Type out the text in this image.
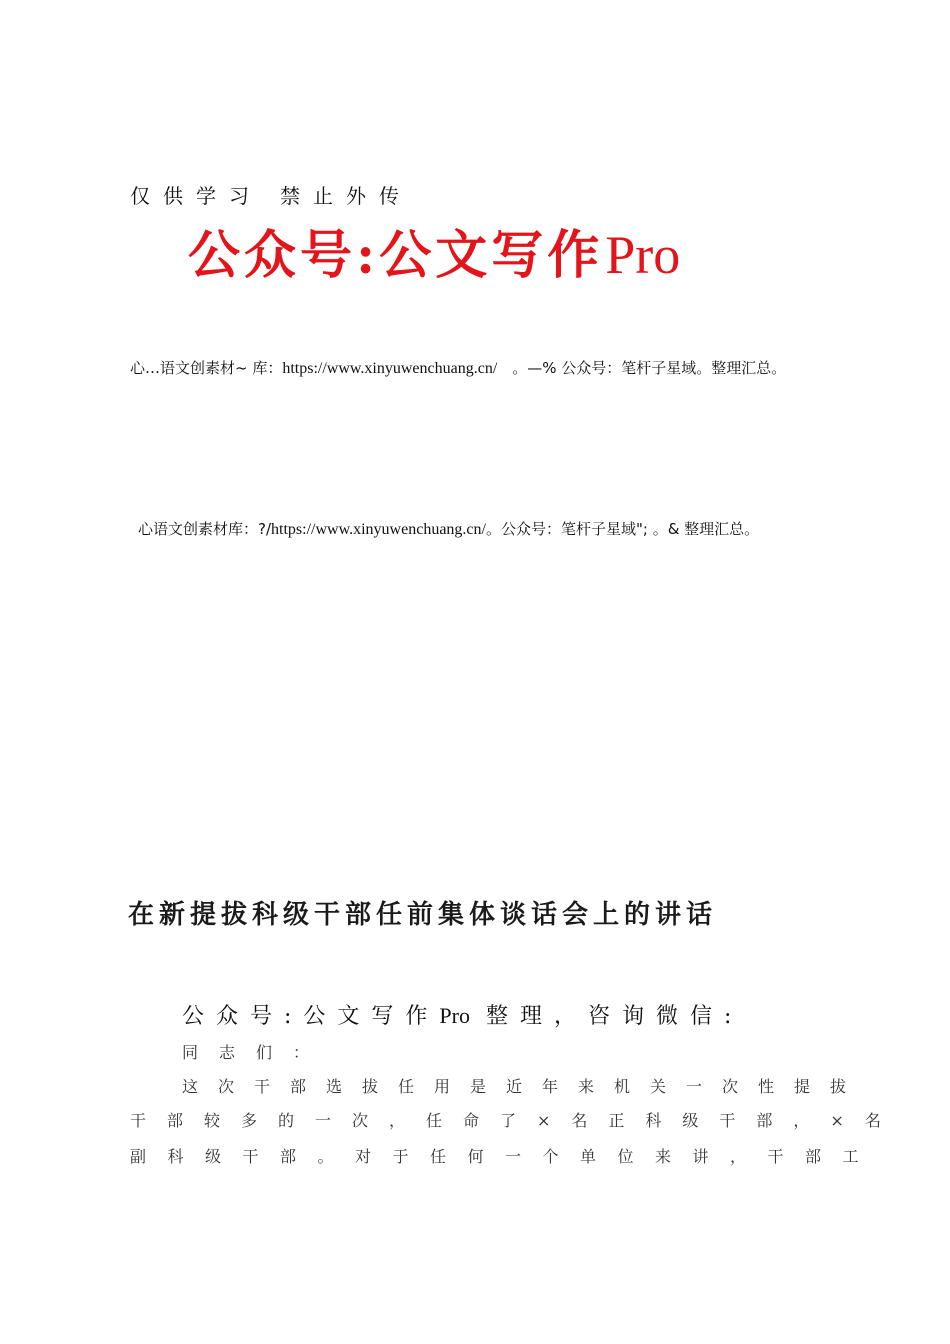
仅供学习 禁止外传
公众号:公文写作Pro
心…语文创素材~ 库：https://www.xinyuwenchuang.cn/　。—% 公众号：笔杆子星域。整理汇总。
心语文创素材库：?/https://www.xinyuwenchuang.cn/。公众号：笔杆子星域"; 。& 整理汇总。
在新提拔科级干部任前集体谈话会上的讲话
公众号:公文写作Pro 整理，咨询微信:
同志们：
这次干部选拔任用是近年来机关一次性提拔
干部较多的一次，任命了×名正科级干部，×名
副科级干部。对于任何一个单位来讲，干部工
